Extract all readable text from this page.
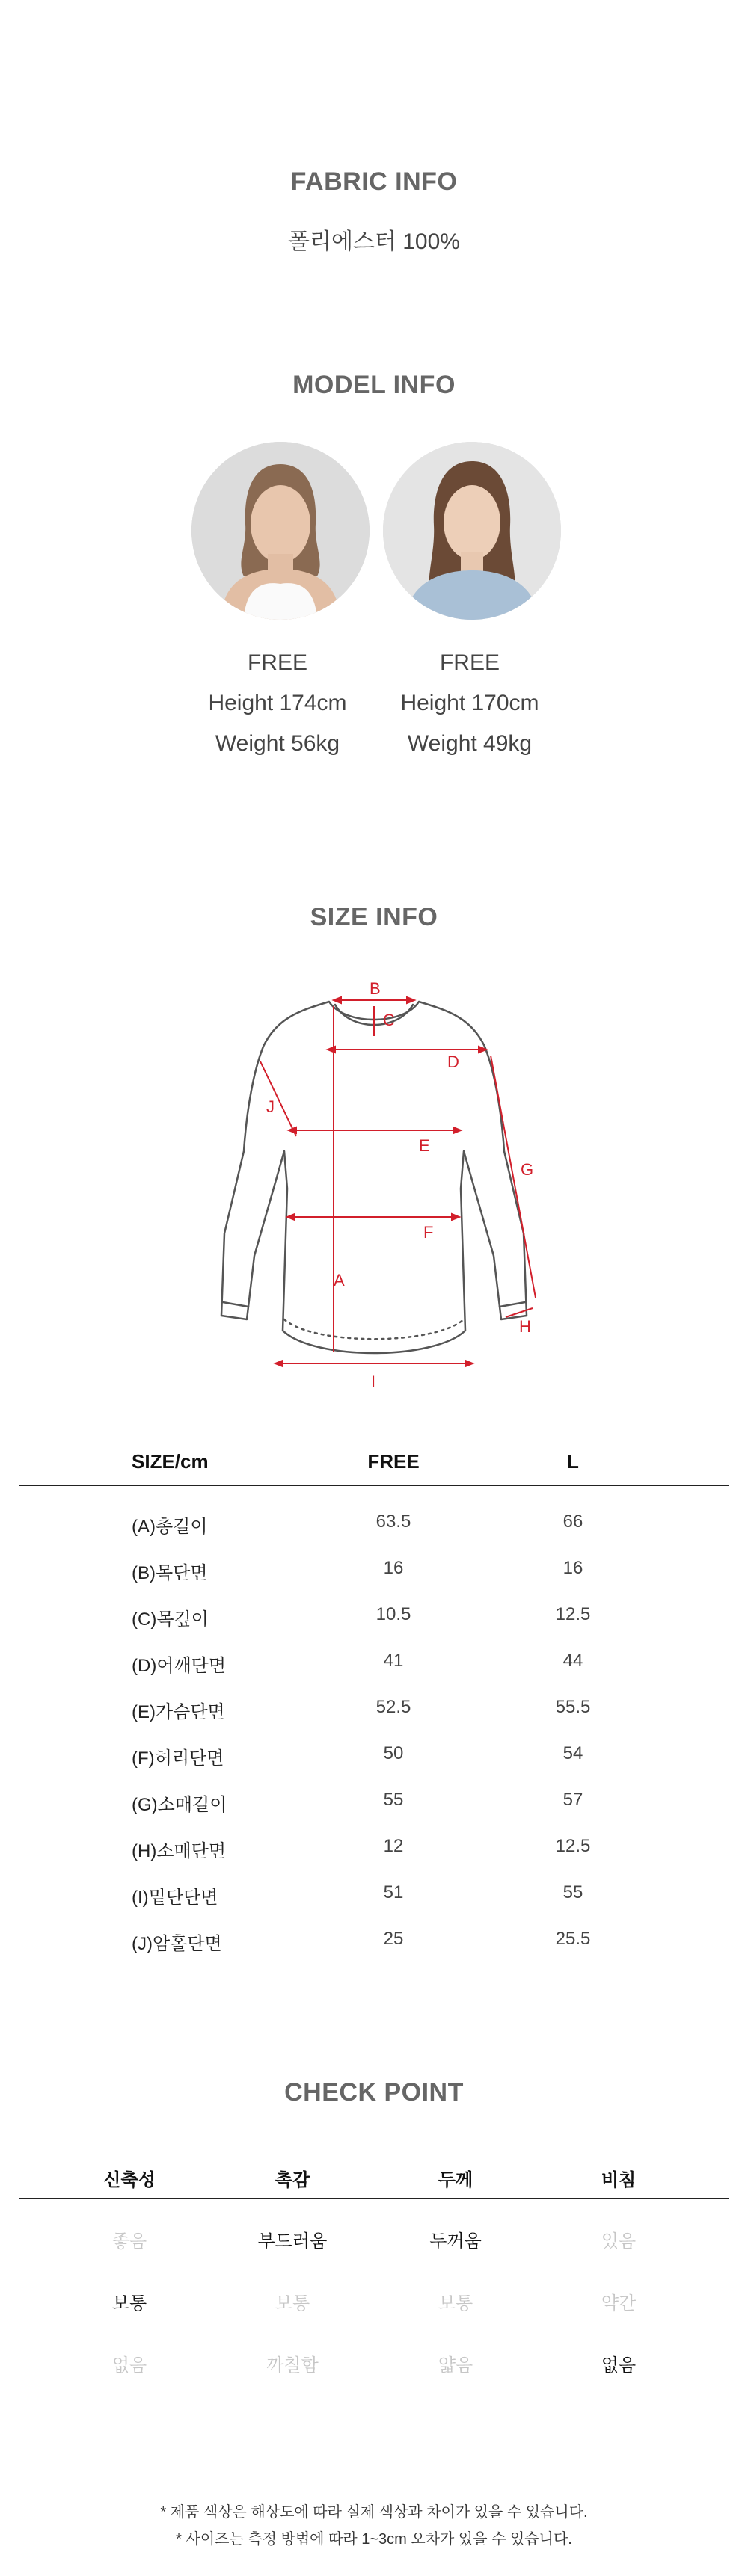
FABRIC INFO
폴리에스터 100%
MODEL INFO
FREE
Height 174cm
Weight 56kg
FREE
Height 170cm
Weight 49kg
SIZE INFO
B
C
D
E
F
G
H
A
I
J
SIZE/cm	FREE	L
(A)총길이	63.5	66
(B)목단면	16	16
(C)목깊이	10.5	12.5
(D)어깨단면	41	44
(E)가슴단면	52.5	55.5
(F)허리단면	50	54
(G)소매길이	55	57
(H)소매단면	12	12.5
(I)밑단단면	51	55
(J)암홀단면	25	25.5
CHECK POINT
신축성	촉감	두께	비침
좋음	부드러움	두꺼움	있음
보통	보통	보통	약간
없음	까칠함	얇음	없음
* 제품 색상은 해상도에 따라 실제 색상과 차이가 있을 수 있습니다.
* 사이즈는 측정 방법에 따라 1~3cm 오차가 있을 수 있습니다.
